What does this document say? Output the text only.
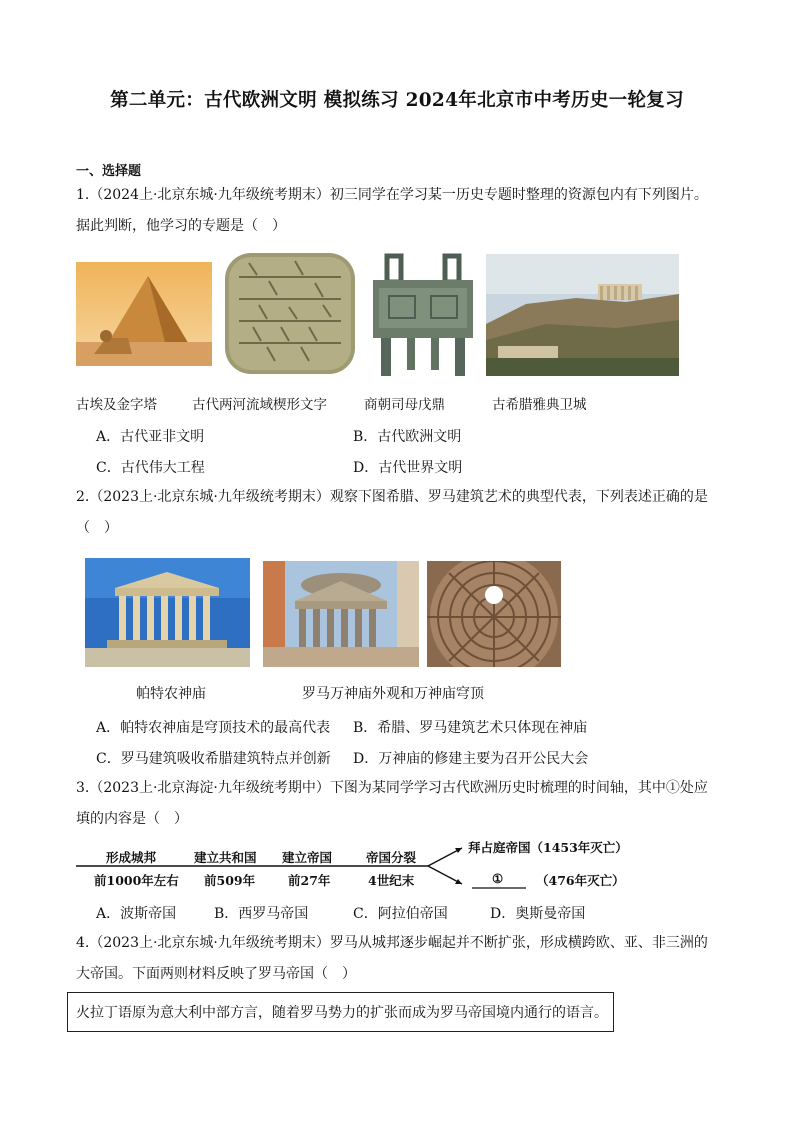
第二单元：古代欧洲文明 模拟练习 2024年北京市中考历史一轮复习
一、选择题
1.（2024上·北京东城·九年级统考期末）初三同学在学习某一历史专题时整理的资源包内有下列图片。据此判断，他学习的专题是（　）
古埃及金字塔	古代两河流域楔形文字	商朝司母戊鼎	古希腊雅典卫城
A．古代亚非文明	B．古代欧洲文明
C．古代伟大工程	D．古代世界文明
2.（2023上·北京东城·九年级统考期末）观察下图希腊、罗马建筑艺术的典型代表，下列表述正确的是（　）
帕特农神庙	罗马万神庙外观和万神庙穹顶
A．帕特农神庙是穹顶技术的最高代表 B．希腊、罗马建筑艺术只体现在神庙
C．罗马建筑吸收希腊建筑特点并创新 D．万神庙的修建主要为召开公民大会
3.（2023上·北京海淀·九年级统考期中）下图为某同学学习古代欧洲历史时梳理的时间轴，其中①处应填的内容是（　）
形成城邦	建立共和国 建立帝国	帝国分裂
前1000年左右 前509年	前27年	4世纪末
拜占庭帝国（1453年灭亡）
①	（476年灭亡）
A．波斯帝国	B．西罗马帝国	C．阿拉伯帝国	D．奥斯曼帝国
4.（2023上·北京东城·九年级统考期末）罗马从城邦逐步崛起并不断扩张，形成横跨欧、亚、非三洲的大帝国。下面两则材料反映了罗马帝国（　）
火拉丁语原为意大利中部方言，随着罗马势力的扩张而成为罗马帝国境内通行的语言。
